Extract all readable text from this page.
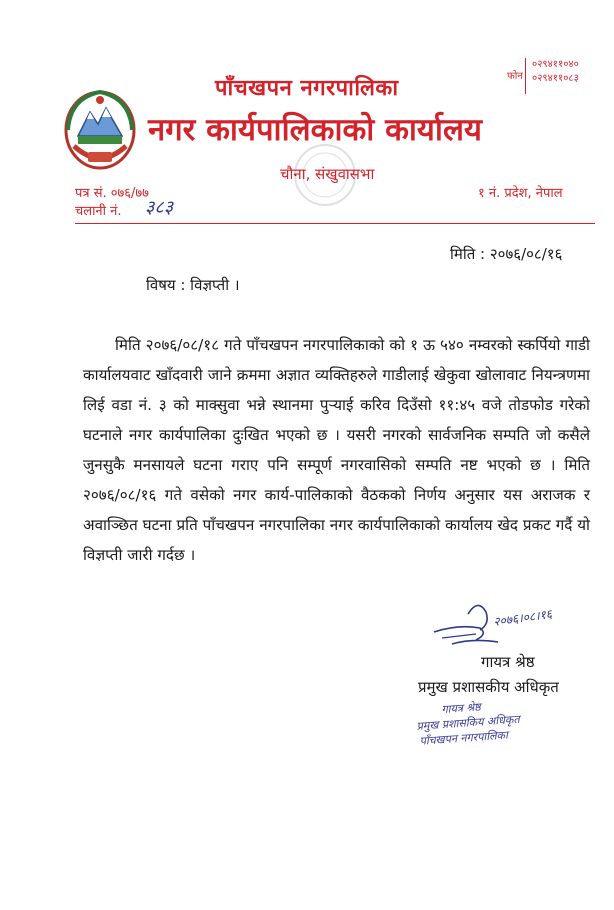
पाँचखपन नगरपालिका
नगर कार्यपालिकाको कार्यालय
चौना, संखुवासभा
फोन
०२९४११०४०
०२९४११०८३
पत्र सं. ०७६/७७
चलानी नं. ३८३
१ नं. प्रदेश, नेपाल
मिति : २०७६/०८/१६
विषय : विज्ञप्ती ।

मिति २०७६/०८/१८ गते पाँचखपन नगरपालिकाको को १ ऊ ५४० नम्वरको स्कर्पियो गाडी कार्यालयवाट खाँदवारी जाने क्रममा अज्ञात व्यक्तिहरुले गाडीलाई खेकुवा खोलावाट नियन्त्रणमा लिई वडा नं. ३ को माक्सुवा भन्ने स्थानमा पुर्‍याई करिव दिउँसो ११:४५ वजे तोडफोड गरेको घटनाले नगर कार्यपालिका दुःखित भएको छ । यसरी नगरको सार्वजनिक सम्पति जो कसैले जुनसुकै मनसायले घटना गराए पनि सम्पूर्ण नगरवासिको सम्पति नष्ट भएको छ । मिति २०७६/०८/१६ गते वसेको नगर कार्य-पालिकाको वैठकको निर्णय अनुसार यस अराजक र अवाञ्छित घटना प्रति पाँचखपन नगरपालिका नगर कार्यपालिकाको कार्यालय खेद प्रकट गर्दै यो विज्ञप्ती जारी गर्दछ ।

२०७६।०८।१६
गायत्र श्रेष्ठ
प्रमुख प्रशासकीय अधिकृत
गायत्र श्रेष्ठ
प्रमुख प्रशासकिय अधिकृत
पाँचखपन नगरपालिका
